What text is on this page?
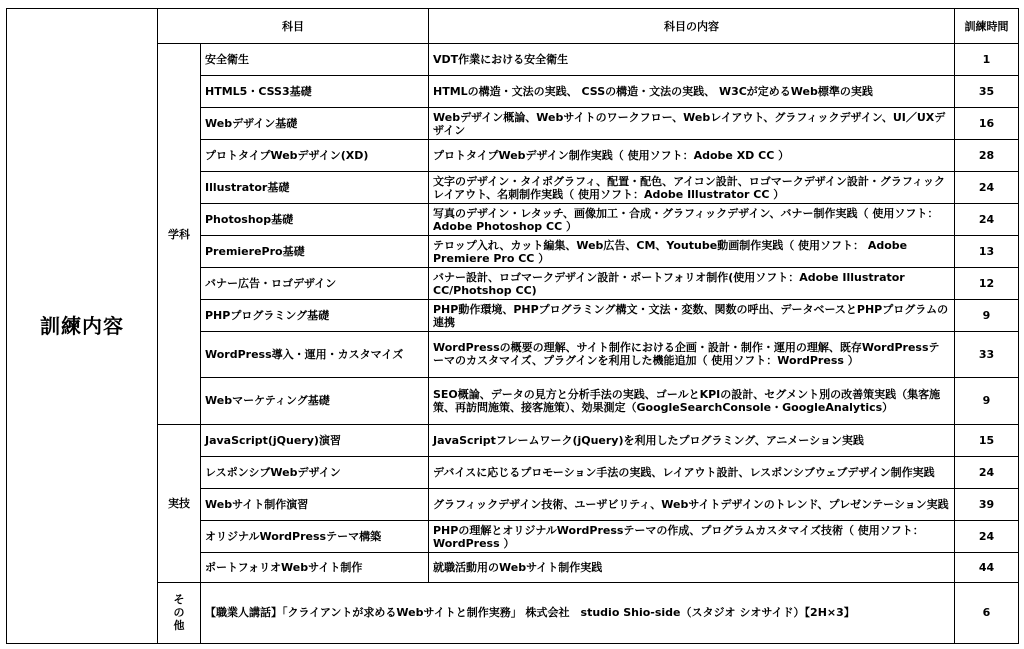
訓練内容	科目		科目の内容	訓練時間

	学科	安全衛生	VDT作業における安全衛生	1
		HTML5・CSS3基礎	HTMLの構造・文法の実践、 CSSの構造・文法の実践、 W3Cが定めるWeb標準の実践	35
		Webデザイン基礎	Webデザイン概論、Webサイトのワークフロー、Webレイアウト、グラフィックデザイン、UI／UXデザイン	16
		プロトタイプWebデザイン(XD)	プロトタイプWebデザイン制作実践（ 使用ソフト：Adobe XD CC ）	28
		Illustrator基礎	文字のデザイン・タイポグラフィ、配置・配色、アイコン設計、ロゴマークデザイン設計・グラフィックレイアウト、名刺制作実践（ 使用ソフト：Adobe Illustrator CC ）	24
		Photoshop基礎	写真のデザイン・レタッチ、画像加工・合成・グラフィックデザイン、バナー制作実践（ 使用ソフト： Adobe Photoshop CC ）	24
		PremierePro基礎	テロップ入れ、カット編集、Web広告、CM、Youtube動画制作実践（ 使用ソフト： Adobe Premiere Pro CC ）	13
		バナー広告・ロゴデザイン	バナー設計、ロゴマークデザイン設計・ポートフォリオ制作(使用ソフト：Adobe Illustrator CC/Photshop CC)	12
		PHPプログラミング基礎	PHP動作環境、PHPプログラミング構文・文法・変数、関数の呼出、データベースとPHPプログラムの連携	9
		WordPress導入・運用・カスタマイズ	WordPressの概要の理解、サイト制作における企画・設計・制作・運用の理解、既存WordPressテーマのカスタマイズ、プラグインを利用した機能追加（ 使用ソフト：WordPress ）	33
		Webマーケティング基礎	SEO概論、データの見方と分析手法の実践、ゴールとKPIの設計、セグメント別の改善策実践（集客施策、再訪問施策、接客施策）、効果測定（GoogleSearchConsole・GoogleAnalytics）	9

	実技	JavaScript(jQuery)演習	JavaScriptフレームワーク(jQuery)を利用したプログラミング、アニメーション実践	15
		レスポンシブWebデザイン	デバイスに応じるプロモーション手法の実践、レイアウト設計、レスポンシブウェブデザイン制作実践	24
		Webサイト制作演習	グラフィックデザイン技術、ユーザビリティ、Webサイトデザインのトレンド、プレゼンテーション実践	39
		オリジナルWordPressテーマ構築	PHPの理解とオリジナルWordPressテーマの作成、プログラムカスタマイズ技術（ 使用ソフト：WordPress ）	24
		ポートフォリオWebサイト制作	就職活動用のWebサイト制作実践	44

	その他	【職業人講話】「クライアントが求めるWebサイトと制作実務」 株式会社　studio Shio-side（スタジオ シオサイド）【2H×3】		6
